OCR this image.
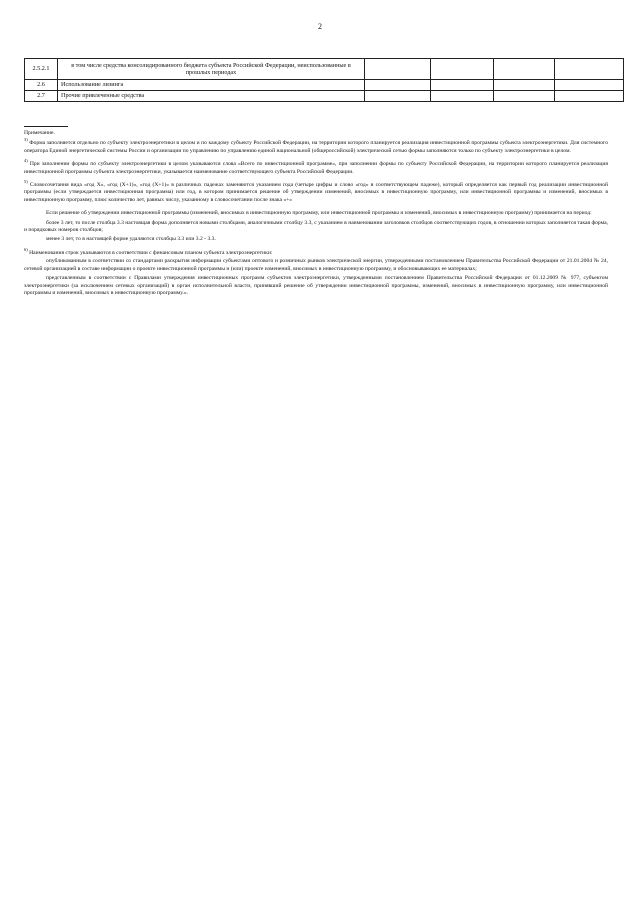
2
2.5.2.1	в том числе средства консолидированного бюджета субъекта Российской Федерации, неиспользованные в прошлых периодах				
2.6	Использование лизинга				
2.7	Прочие привлеченные средства				

Примечание.

$^{3)}$ Форма заполняется отдельно по субъекту электроэнергетики в целом и по каждому субъекту Российской Федерации, на территории которого планируется реализация инвестиционной программы субъекта электроэнергетики. Для системного оператора Единой энергетической системы России и организации по управлению по управлению единой национальной (общероссийской) электрической сетью формы заполняются только по субъекту электроэнергетики в целом.

$^{4)}$ При заполнении формы по субъекту электроэнергетики в целом указываются слова «Всего по инвестиционной программе», при заполнении формы по субъекту Российской Федерации, на территории которого планируется реализация инвестиционной программы субъекта электроэнергетики, указывается наименование соответствующего субъекта Российской Федерации.

$^{5)}$ Словосочетания вида «год X», «год (X+1)», «год (X+1)» в различных падежах заменяются указанием года (четыре цифры и слово «год» в соответствующем падеже), который определяется как первый год реализации инвестиционной программы (если утверждается инвестиционная программа) или год, в котором принимается решение об утверждении изменений, вносимых в инвестиционную программу, или инвестиционной программы и изменений, вносимых в инвестиционную программу, плюс количество лет, равных числу, указанному в словосочетании после знака «+»

Если решение об утверждении инвестиционной программы (изменений, вносимых в инвестиционную программу, или инвестиционной программы и изменений, вносимых в инвестиционную программу) принимается на период:

более 3 лет, то после столбца 3.3 настоящая форма дополняется новыми столбцами, аналогичными столбцу 3.3, с указанием в наименовании заголовков столбцов соответствующих годов, в отношении которых заполняется такая форма, и порядковых номеров столбцов;

менее 3 лет, то в настоящей форме удаляются столбцы 3.3 или 3.2 - 3.3.

$^{6)}$ Наименования строк указываются в соответствии с финансовым планом субъекта электроэнергетики:

опубликованным в соответствии со стандартами раскрытия информации субъектами оптового и розничных рынков электрической энергии, утвержденными постановлением Правительства Российской Федерации от 21.01.2004 № 24, сетевой организацией в составе информации о проекте инвестиционной программы и (или) проекте изменений, вносимых в инвестиционную программу, и обосновывающих ее материалах;

представленным в соответствии с Правилами утверждения инвестиционных программ субъектов электроэнергетики, утвержденными постановлением Правительства Российской Федерации от 01.12.2009 № 977, субъектом электроэнергетики (за исключением сетевых организаций) в орган исполнительной власти, принявший решение об утверждении инвестиционной программы, изменений, вносимых в инвестиционную программу, или инвестиционной программы и изменений, вносимых в инвестиционную программу.».
